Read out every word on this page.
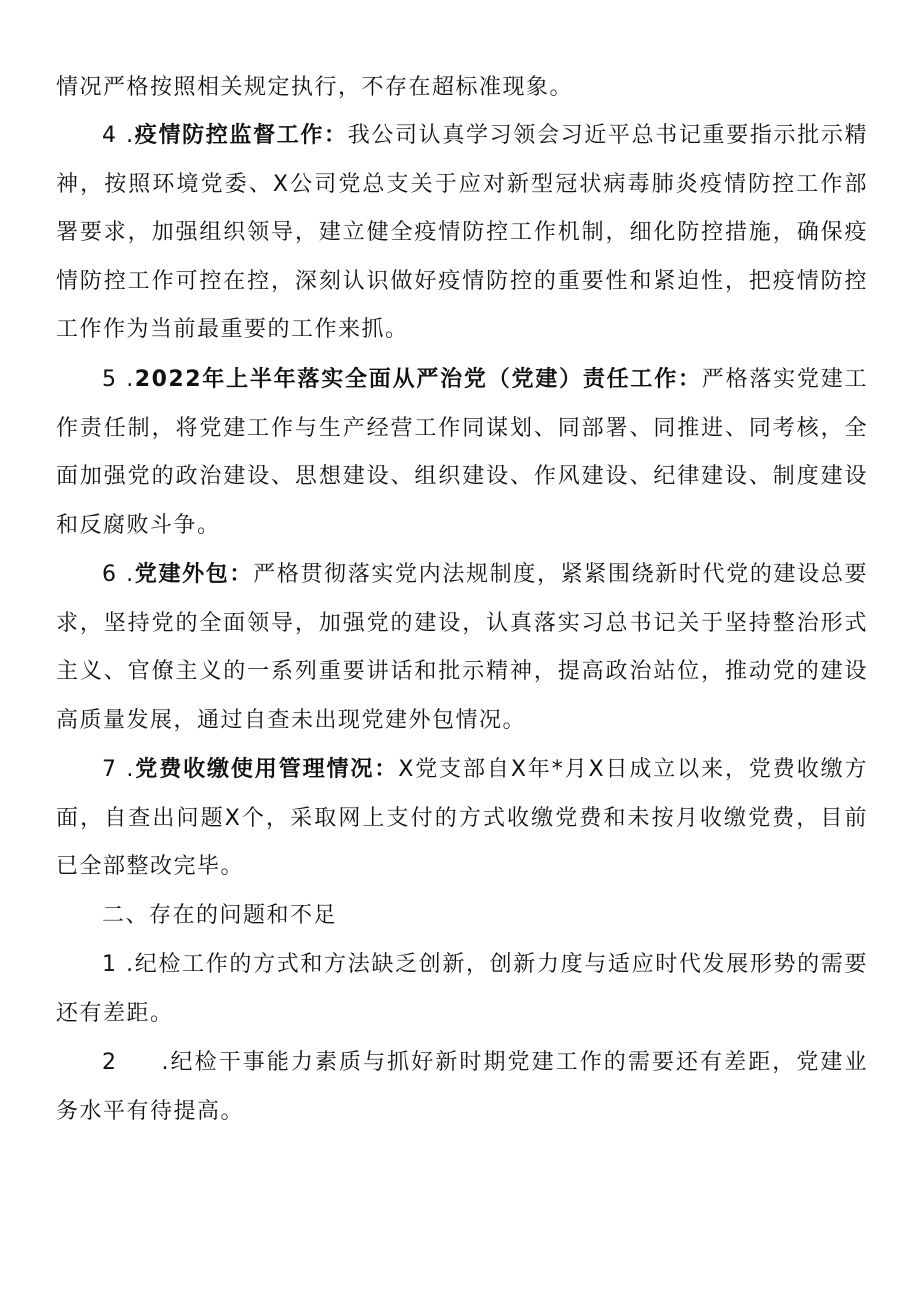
情况严格按照相关规定执行，不存在超标准现象。

4 .疫情防控监督工作：我公司认真学习领会习近平总书记重要指示批示精神，按照环境党委、X公司党总支关于应对新型冠状病毒肺炎疫情防控工作部署要求，加强组织领导，建立健全疫情防控工作机制，细化防控措施，确保疫情防控工作可控在控，深刻认识做好疫情防控的重要性和紧迫性，把疫情防控工作作为当前最重要的工作来抓。

5 .2022年上半年落实全面从严治党（党建）责任工作：严格落实党建工作责任制，将党建工作与生产经营工作同谋划、同部署、同推进、同考核，全面加强党的政治建设、思想建设、组织建设、作风建设、纪律建设、制度建设和反腐败斗争。

6 .党建外包：严格贯彻落实党内法规制度，紧紧围绕新时代党的建设总要求，坚持党的全面领导，加强党的建设，认真落实习总书记关于坚持整治形式主义、官僚主义的一系列重要讲话和批示精神，提高政治站位，推动党的建设高质量发展，通过自查未出现党建外包情况。

7 .党费收缴使用管理情况：X党支部自X年*月X日成立以来，党费收缴方面，自查出问题X个，采取网上支付的方式收缴党费和未按月收缴党费，目前已全部整改完毕。

二、存在的问题和不足

1 .纪检工作的方式和方法缺乏创新，创新力度与适应时代发展形势的需要还有差距。

2 .纪检干事能力素质与抓好新时期党建工作的需要还有差距，党建业务水平有待提高。
